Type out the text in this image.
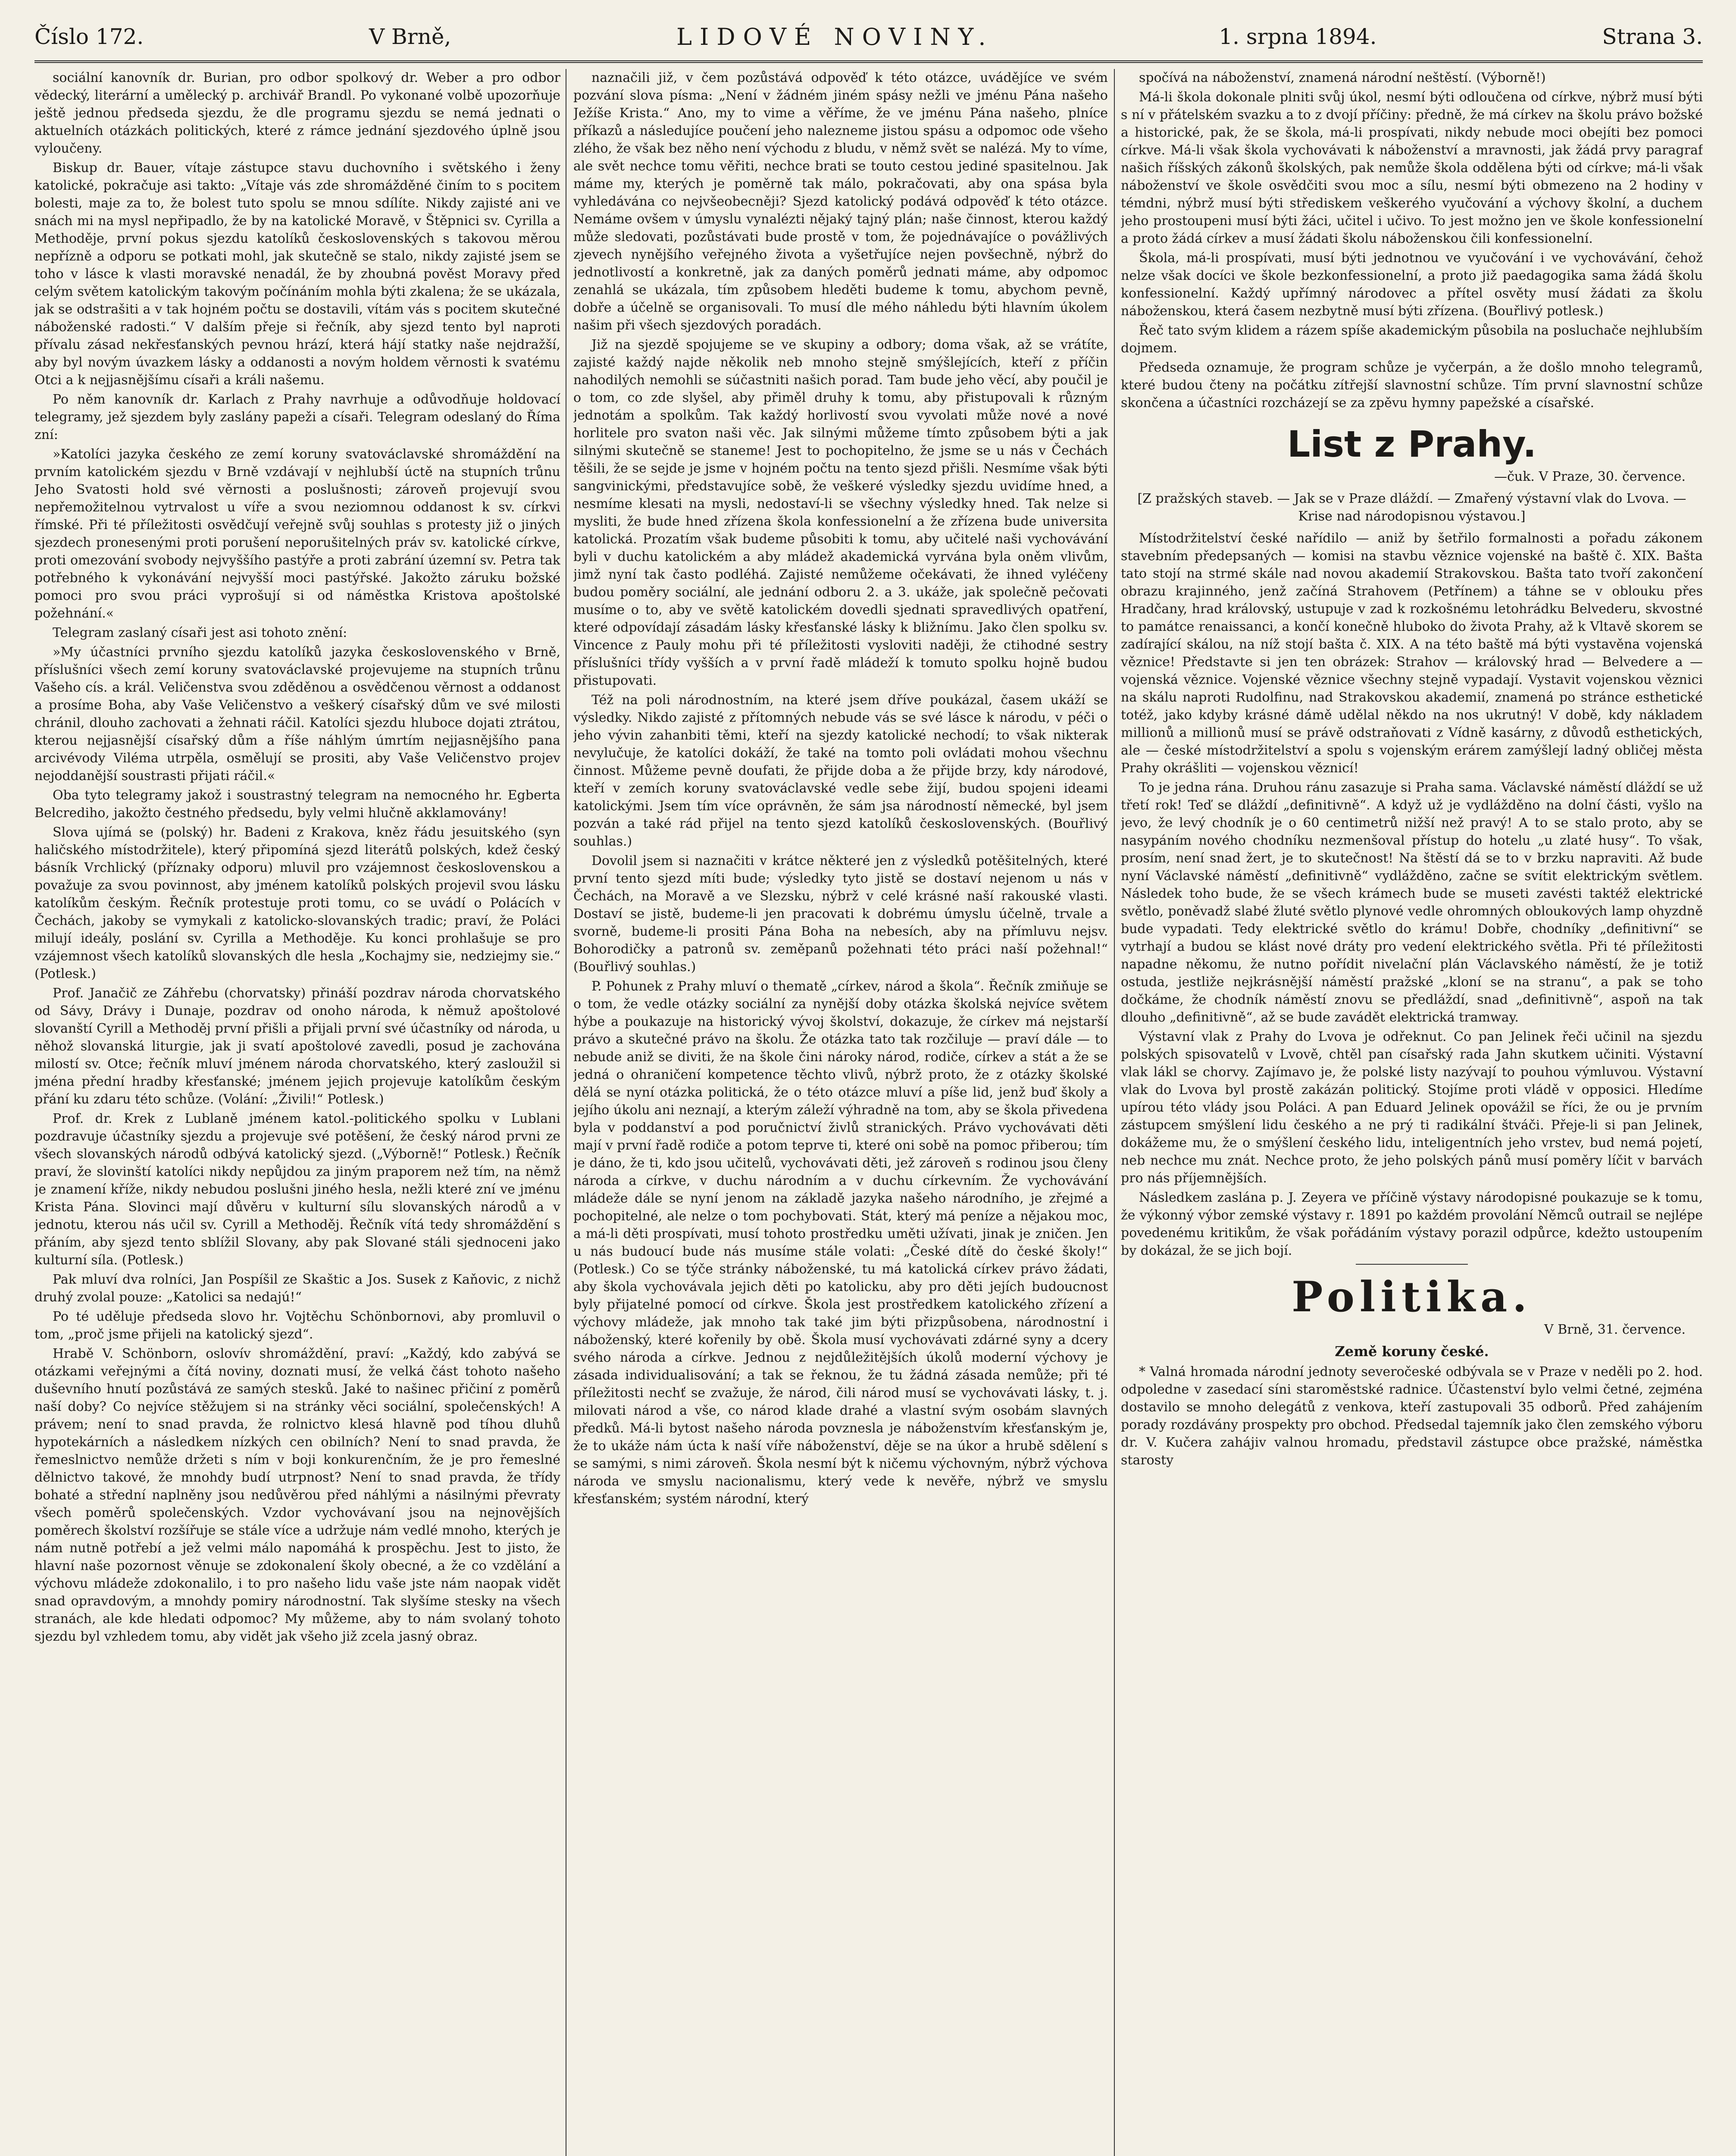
Číslo 172.	V Brně,	LIDOVÉ NOVINY.	1. srpna 1894.	Strana 3.

sociální kanovník dr. Burian, pro odbor spolkový dr. Weber a pro odbor vědecký, literární a umělecký p. archivář Brandl. Po vykonané volbě upozorňuje ještě jednou předseda sjezdu, že dle programu sjezdu se nemá jednati o aktuelních otázkách politických, které z rámce jednání sjezdového úplně jsou vyloučeny.

Biskup dr. Bauer, vítaje zástupce stavu duchovního i světského i ženy katolické, pokračuje asi takto: „Vítaje vás zde shromážděné činím to s pocitem bolesti, maje za to, že bolest tuto spolu se mnou sdílíte. Nikdy zajisté ani ve snách mi na mysl nepřipadlo, že by na katolické Moravě, v Štěpnici sv. Cyrilla a Methoděje, první pokus sjezdu katolíků československých s takovou měrou nepřízně a odporu se potkati mohl, jak skutečně se stalo, nikdy zajisté jsem se toho v lásce k vlasti moravské nenadál, že by zhoubná pověst Moravy před celým světem katolickým takovým počínáním mohla býti zkalena; že se ukázala, jak se odstrašiti a v tak hojném počtu se dostavili, vítám vás s pocitem skutečné náboženské radosti.“ V dalším přeje si řečník, aby sjezd tento byl naproti přívalu zásad nekřesťanských pevnou hrází, která hájí statky naše nejdražší, aby byl novým úvazkem lásky a oddanosti a novým holdem věrnosti k svatému Otci a k nejjasnějšímu císaři a králi našemu.

Po něm kanovník dr. Karlach z Prahy navrhuje a odůvodňuje holdovací telegramy, jež sjezdem byly zaslány papeži a císaři. Telegram odeslaný do Říma zní:

»Katolíci jazyka českého ze zemí koruny svatováclavské shromáždění na prvním katolickém sjezdu v Brně vzdávají v nejhlubší úctě na stupních trůnu Jeho Svatosti hold své věrnosti a poslušnosti; zároveň projevují svou nepřemožitelnou vytrvalost u víře a svou neziomnou oddanost k sv. církvi římské. Při té příležitosti osvědčují veřejně svůj souhlas s protesty již o jiných sjezdech pronesenými proti porušení neporušitelných práv sv. katolické církve, proti omezování svobody nejvyššího pastýře a proti zabrání územní sv. Petra tak potřebného k vykonávání nejvyšší moci pastýřské. Jakožto záruku božské pomoci pro svou práci vyprošují si od náměstka Kristova apoštolské požehnání.«

Telegram zaslaný císaři jest asi tohoto znění:

»My účastníci prvního sjezdu katolíků jazyka československého v Brně, příslušníci všech zemí koruny svatováclavské projevujeme na stupních trůnu Vašeho cís. a král. Veličenstva svou zděděnou a osvědčenou věrnost a oddanost a prosíme Boha, aby Vaše Veličenstvo a veškerý císařský dům ve své milosti chránil, dlouho zachovati a žehnati ráčil. Katolíci sjezdu hluboce dojati ztrátou, kterou nejjasnější císařský dům a říše náhlým úmrtím nejjasnějšího pana arcivévody Viléma utrpěla, osmělují se prositi, aby Vaše Veličenstvo projev nejoddanější soustrasti přijati ráčil.«

Oba tyto telegramy jakož i soustrastný telegram na nemocného hr. Egberta Belcrediho, jakožto čestného předsedu, byly velmi hlučně akklamovány!

Slova ujímá se (polský) hr. Badeni z Krakova, kněz řádu jesuitského (syn haličského místodržitele), který připomíná sjezd literátů polských, kdež český básník Vrchlický (příznaky odporu) mluvil pro vzájemnost československou a považuje za svou povinnost, aby jménem katolíků polských projevil svou lásku katolíkům českým. Řečník protestuje proti tomu, co se uvádí o Polácích v Čechách, jakoby se vymykali z katolicko-slovanských tradic; praví, že Poláci milují ideály, poslání sv. Cyrilla a Methoděje. Ku konci prohlašuje se pro vzájemnost všech katolíků slovanských dle hesla „Kochajmy sie, nedziejmy sie.“ (Potlesk.)

Prof. Janačič ze Záhřebu (chorvatsky) přináší pozdrav národa chorvatského od Sávy, Drávy i Dunaje, pozdrav od onoho národa, k němuž apoštolové slovanští Cyrill a Methoděj první přišli a přijali první své účastníky od národa, u něhož slovanská liturgie, jak ji svatí apoštolové zavedli, posud je zachována milostí sv. Otce; řečník mluví jménem národa chorvatského, který zasloužil si jména přední hradby křesťanské; jménem jejich projevuje katolíkům českým přání ku zdaru této schůze. (Volání: „Živili!“ Potlesk.)

Prof. dr. Krek z Lublaně jménem katol.-politického spolku v Lublani pozdravuje účastníky sjezdu a projevuje své potěšení, že český národ prvni ze všech slovanských národů odbývá katolický sjezd. („Výborně!“ Potlesk.) Řečník praví, že slovinští katolíci nikdy nepůjdou za jiným praporem než tím, na němž je znamení kříže, nikdy nebudou poslušni jiného hesla, nežli které zní ve jménu Krista Pána. Slovinci mají důvěru v kulturní sílu slovanských národů a v jednotu, kterou nás učil sv. Cyrill a Methoděj. Řečník vítá tedy shromáždění s přáním, aby sjezd tento sblížil Slovany, aby pak Slované stáli sjednoceni jako kulturní síla. (Potlesk.)

Pak mluví dva rolníci, Jan Pospíšil ze Skaštic a Jos. Susek z Kaňovic, z nichž druhý zvolal pouze: „Katolici sa nedajú!“

Po té uděluje předseda slovo hr. Vojtěchu Schönbornovi, aby promluvil o tom, „proč jsme přijeli na katolický sjezd“.

Hrabě V. Schönborn, oslovív shromáždění, praví: „Každý, kdo zabývá se otázkami veřejnými a čítá noviny, doznati musí, že velká část tohoto našeho duševního hnutí pozůstává ze samých stesků. Jaké to našinec přičiní z poměrů naší doby? Co nejvíce stěžujem si na stránky věci sociální, společenských! A právem; není to snad pravda, že rolnictvo klesá hlavně pod tíhou dluhů hypotekárních a následkem nízkých cen obilních? Není to snad pravda, že řemeslnictvo nemůže držeti s ním v boji konkurenčním, že je pro řemeslné dělnictvo takové, že mnohdy budí utrpnost? Není to snad pravda, že třídy bohaté a střední naplněny jsou nedůvěrou před náhlými a násilnými převraty všech poměrů společenských. Vzdor vychovávaní jsou na nejnovějších poměrech školství rozšířuje se stále více a udržuje nám vedlé mnoho, kterých je nám nutně potřebí a jež velmi málo napomáhá k prospěchu. Jest to jisto, že hlavní naše pozornost věnuje se zdokonalení školy obecné, a že co vzdělání a výchovu mládeže zdokonalilo, i to pro našeho lidu vaše jste nám naopak vidět snad opravdovým, a mnohdy pomiry národnostní. Tak slyšíme stesky na všech stranách, ale kde hledati odpomoc? My můžeme, aby to nám svolaný tohoto sjezdu byl vzhledem tomu, aby vidět jak všeho již zcela jasný obraz.

naznačili již, v čem pozůstává odpověď k této otázce, uvádějíce ve svém pozvání slova písma: „Není v žádném jiném spásy nežli ve jménu Pána našeho Ježíše Krista.“ Ano, my to vime a věříme, že ve jménu Pána našeho, plníce příkazů a následujíce poučení jeho nalezneme jistou spásu a odpomoc ode všeho zlého, že však bez něho není východu z bludu, v němž svět se nalézá. My to víme, ale svět nechce tomu věřiti, nechce brati se touto cestou jediné spasitelnou. Jak máme my, kterých je poměrně tak málo, pokračovati, aby ona spása byla vyhledávána co nejvšeobecněji? Sjezd katolický podává odpověď k této otázce. Nemáme ovšem v úmyslu vynalézti nějaký tajný plán; naše činnost, kterou každý může sledovati, pozůstávati bude prostě v tom, že pojednávajíce o povážlivých zjevech nynějšího veřejného života a vyšetřujíce nejen povšechně, nýbrž do jednotlivostí a konkretně, jak za daných poměrů jednati máme, aby odpomoc zenahlá se ukázala, tím způsobem hleděti budeme k tomu, abychom pevně, dobře a účelně se organisovali. To musí dle mého náhledu býti hlavním úkolem našim při všech sjezdových poradách.

Již na sjezdě spojujeme se ve skupiny a odbory; doma však, až se vrátíte, zajisté každý najde několik neb mnoho stejně smýšlejících, kteří z příčin nahodilých nemohli se súčastniti našich porad. Tam bude jeho věcí, aby poučil je o tom, co zde slyšel, aby přiměl druhy k tomu, aby přistupovali k různým jednotám a spolkům. Tak každý horlivostí svou vyvolati může nové a nové horlitele pro svaton naši věc. Jak silnými můžeme tímto způsobem býti a jak silnými skutečně se staneme! Jest to pochopitelno, že jsme se u nás v Čechách těšili, že se sejde je jsme v hojném počtu na tento sjezd přišli. Nesmíme však býti sangvinickými, představujíce sobě, že veškeré výsledky sjezdu uvidíme hned, a nesmíme klesati na mysli, nedostaví-li se všechny výsledky hned. Tak nelze si mysliti, že bude hned zřízena škola konfessionelní a že zřízena bude universita katolická. Prozatím však budeme působiti k tomu, aby učitelé naši vychovávání byli v duchu katolickém a aby mládež akademická vyrvána byla oněm vlivům, jimž nyní tak často podléhá. Zajisté nemůžeme očekávati, že ihned vyléčeny budou poměry sociální, ale jednání odboru 2. a 3. ukáže, jak společně pečovati musíme o to, aby ve světě katolickém dovedli sjednati spravedlivých opatření, které odpovídají zásadám lásky křesťanské lásky k bližnímu. Jako člen spolku sv. Vincence z Pauly mohu při té příležitosti vysloviti naději, že ctihodné sestry příslušníci třídy vyšších a v první řadě mládeží k tomuto spolku hojně budou přistupovati.

Též na poli národnostním, na které jsem dříve poukázal, časem ukáží se výsledky. Nikdo zajisté z přítomných nebude vás se své lásce k národu, v péči o jeho vývin zahanbiti těmi, kteří na sjezdy katolické nechodí; to však nikterak nevylučuje, že katolíci dokáží, že také na tomto poli ovládati mohou všechnu činnost. Můžeme pevně doufati, že přijde doba a že přijde brzy, kdy národové, kteří v zemích koruny svatováclavské vedle sebe žijí, budou spojeni ideami katolickými. Jsem tím více oprávněn, že sám jsa národností německé, byl jsem pozván a také rád přijel na tento sjezd katolíků československých. (Bouřlivý souhlas.)

Dovolil jsem si naznačiti v krátce některé jen z výsledků potěšitelných, které první tento sjezd míti bude; výsledky tyto jistě se dostaví nejenom u nás v Čechách, na Moravě a ve Slezsku, nýbrž v celé krásné naší rakouské vlasti. Dostaví se jistě, budeme-li jen pracovati k dobrému úmyslu účelně, trvale a svorně, budeme-li prositi Pána Boha na nebesích, aby na přímluvu nejsv. Bohorodičky a patronů sv. zeměpanů požehnati této práci naší požehnal!“ (Bouřlivý souhlas.)

P. Pohunek z Prahy mluví o thematě „církev, národ a škola“. Řečník zmiňuje se o tom, že vedle otázky sociální za nynější doby otázka školská nejvíce světem hýbe a poukazuje na historický vývoj školství, dokazuje, že církev má nejstarší právo a skutečné právo na školu. Že otázka tato tak rozčiluje — praví dále — to nebude aniž se diviti, že na škole čini nároky národ, rodiče, církev a stát a že se jedná o ohraničení kompetence těchto vlivů, nýbrž proto, že z otázky školské dělá se nyní otázka politická, že o této otázce mluví a píše lid, jenž buď školy a jejího úkolu ani neznají, a kterým záleží výhradně na tom, aby se škola přivedena byla v poddanství a pod poručnictví živlů stranických. Právo vychovávati děti mají v první řadě rodiče a potom teprve ti, které oni sobě na pomoc přiberou; tím je dáno, že ti, kdo jsou učitelů, vychovávati děti, jež zároveň s rodinou jsou členy národa a církve, v duchu národním a v duchu církevním. Že vychovávání mládeže dále se nyní jenom na základě jazyka našeho národního, je zřejmé a pochopitelné, ale nelze o tom pochybovati. Stát, který má peníze a nějakou moc, a má-li děti prospívati, musí tohoto prostředku uměti užívati, jinak je zničen. Jen u nás budoucí bude nás musíme stále volati: „České dítě do české školy!“ (Potlesk.) Co se týče stránky náboženské, tu má katolická církev právo žádati, aby škola vychovávala jejich děti po katolicku, aby pro děti jejích budoucnost byly přijatelné pomocí od církve. Škola jest prostředkem katolického zřízení a výchovy mládeže, jak mnoho tak také jim býti přizpůsobena, národnostní i náboženský, které kořenily by obě. Škola musí vychovávati zdárné syny a dcery svého národa a církve. Jednou z nejdůležitějších úkolů moderní výchovy je zásada individualisování; a tak se řeknou, že tu žádná zásada nemůže; při té příležitosti nechť se zvažuje, že národ, čili národ musí se vychovávati lásky, t. j. milovati národ a vše, co národ klade drahé a vlastní svým osobám slavných předků. Má-li bytost našeho národa povznesla je náboženstvím křesťanským je, že to ukáže nám úcta k naší víře náboženství, děje se na úkor a hrubě sdělení s se samými, s nimi zároveň. Škola nesmí být k ničemu výchovným, nýbrž výchova národa ve smyslu nacionalismu, který vede k nevěře, nýbrž ve smyslu křesťanském; systém národní, který

spočívá na náboženství, znamená národní neštěstí. (Výborně!)

Má-li škola dokonale plniti svůj úkol, nesmí býti odloučena od církve, nýbrž musí býti s ní v přátelském svazku a to z dvojí příčiny: předně, že má církev na školu právo božské a historické, pak, že se škola, má-li prospívati, nikdy nebude moci obejíti bez pomoci církve. Má-li však škola vychovávati k náboženství a mravnosti, jak žádá prvy paragraf našich říšských zákonů školských, pak nemůže škola oddělena býti od církve; má-li však náboženství ve škole osvědčiti svou moc a sílu, nesmí býti obmezeno na 2 hodiny v témdni, nýbrž musí býti střediskem veškerého vyučování a výchovy školní, a duchem jeho prostoupeni musí býti žáci, učitel i učivo. To jest možno jen ve škole konfessionelní a proto žádá církev a musí žádati školu náboženskou čili konfessionelní.

Škola, má-li prospívati, musí býti jednotnou ve vyučování i ve vychovávání, čehož nelze však docíci ve škole bezkonfessionelní, a proto již paedagogika sama žádá školu konfessionelní. Každý upřímný národovec a přítel osvěty musí žádati za školu náboženskou, která časem nezbytně musí býti zřízena. (Bouřlivý potlesk.)

Řeč tato svým klidem a rázem spíše akademickým působila na posluchače nejhlubším dojmem.

Předseda oznamuje, že program schůze je vyčerpán, a že došlo mnoho telegramů, které budou čteny na počátku zítřejší slavnostní schůze. Tím první slavnostní schůze skončena a účastníci rozcházejí se za zpěvu hymny papežské a císařské.

List z Prahy.
—čuk. V Praze, 30. července.
[Z pražských staveb. — Jak se v Praze dláždí. — Zmařený výstavní vlak do Lvova. — Krise nad národopisnou výstavou.]

Místodržitelství české nařídilo — aniž by šetřilo formalnosti a pořadu zákonem stavebním předepsaných — komisi na stavbu věznice vojenské na baště č. XIX. Bašta tato stojí na strmé skále nad novou akademií Strakovskou. Bašta tato tvoří zakončení obrazu krajinného, jenž začíná Strahovem (Petřínem) a táhne se v oblouku přes Hradčany, hrad královský, ustupuje v zad k rozkošnému letohrádku Belvederu, skvostné to památce renaissanci, a končí konečně hluboko do života Prahy, až k Vltavě skorem se zadírající skálou, na níž stojí bašta č. XIX. A na této baště má býti vystavěna vojenská věznice! Představte si jen ten obrázek: Strahov — královský hrad — Belvedere a — vojenská věznice. Vojenské věznice všechny stejně vypadají. Vystavit vojenskou věznici na skálu naproti Rudolfinu, nad Strakovskou akademií, znamená po stránce esthetické totéž, jako kdyby krásné dámě udělal někdo na nos ukrutný! V době, kdy nákladem millionů a millionů musí se právě odstraňovati z Vídně kasárny, z důvodů esthetických, ale — české místodržitelství a spolu s vojenským erárem zamýšlejí ladný obličej města Prahy okrášliti — vojenskou věznicí!

To je jedna rána. Druhou ránu zasazuje si Praha sama. Václavské náměstí dláždí se už třetí rok! Teď se dláždí „definitivně“. A když už je vydlážděno na dolní části, vyšlo na jevo, že levý chodník je o 60 centimetrů nižší než pravý! A to se stalo proto, aby se nasypáním nového chodníku nezmenšoval přístup do hotelu „u zlaté husy“. To však, prosím, není snad žert, je to skutečnost! Na štěstí dá se to v brzku napraviti. Až bude nyní Václavské náměstí „definitivně“ vydlážděno, začne se svítit elektrickým světlem. Následek toho bude, že se všech krámech bude se museti zavésti taktéž elektrické světlo, poněvadž slabé žluté světlo plynové vedle ohromných obloukových lamp ohyzdně bude vypadati. Tedy elektrické světlo do krámu! Dobře, chodníky „definitivní“ se vytrhají a budou se klást nové dráty pro vedení elektrického světla. Při té příležitosti napadne někomu, že nutno pořídit nivelační plán Václavského náměstí, že je totiž ostuda, jestliže nejkrásnější náměstí pražské „kloní se na stranu“, a pak se toho dočkáme, že chodník náměstí znovu se předláždí, snad „definitivně“, aspoň na tak dlouho „definitivně“, až se bude zavádět elektrická tramway.

Výstavní vlak z Prahy do Lvova je odřeknut. Co pan Jelinek řeči učinil na sjezdu polských spisovatelů v Lvově, chtěl pan císařský rada Jahn skutkem učiniti. Výstavní vlak lákl se chorvy. Zajímavo je, že polské listy nazývají to pouhou výmluvou. Výstavní vlak do Lvova byl prostě zakázán politický. Stojíme proti vládě v opposici. Hledíme upírou této vlády jsou Poláci. A pan Eduard Jelinek opovážil se říci, že ou je prvním zástupcem smýšlení lidu českého a ne prý ti radikální štváči. Přeje-li si pan Jelinek, dokážeme mu, že o smýšlení českého lidu, inteligentních jeho vrstev, bud nemá pojetí, neb nechce mu znát. Nechce proto, že jeho polských pánů musí poměry líčit v barvách pro nás příjemnějších.

Následkem zaslána p. J. Zeyera ve příčině výstavy národopisné poukazuje se k tomu, že výkonný výbor zemské výstavy r. 1891 po každém provolání Němců outrail se nejlépe povedenému kritikům, že však pořádáním výstavy porazil odpůrce, kdežto ustoupením by dokázal, že se jich bojí.

Politika.
V Brně, 31. července.
Země koruny české.

* Valná hromada národní jednoty severočeské odbývala se v Praze v neděli po 2. hod. odpoledne v zasedací síni staroměstské radnice. Účastenství bylo velmi četné, zejména dostavilo se mnoho delegátů z venkova, kteří zastupovali 35 odborů. Před zahájením porady rozdávány prospekty pro obchod. Předsedal tajemník jako člen zemského výboru dr. V. Kučera zahájiv valnou hromadu, představil zástupce obce pražské, náměstka starosty
